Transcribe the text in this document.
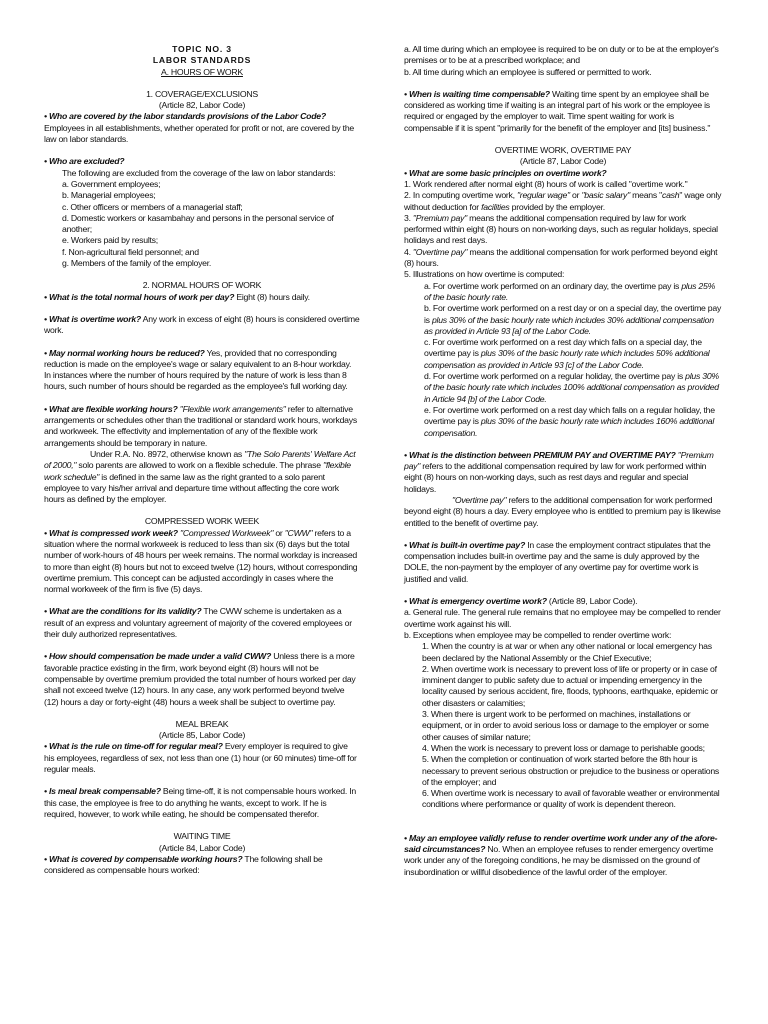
TOPIC NO. 3

LABOR STANDARDS

A. HOURS OF WORK

1. COVERAGE/EXCLUSIONS

(Article 82, Labor Code)

• Who are covered by the labor standards provisions of the Labor Code? Employees in all establishments, whether operated for profit or not, are covered by the law on labor standards.

• Who are excluded?

The following are excluded from the coverage of the law on labor standards:

a. Government employees;

b. Managerial employees;

c. Other officers or members of a managerial staff;

d. Domestic workers or kasambahay and persons in the personal service of another;

e. Workers paid by results;

f. Non-agricultural field personnel; and

g. Members of the family of the employer.

2. NORMAL HOURS OF WORK

• What is the total normal hours of work per day? Eight (8) hours daily.

• What is overtime work? Any work in excess of eight (8) hours is considered overtime work.

• May normal working hours be reduced? Yes, provided that no corresponding reduction is made on the employee's wage or salary equivalent to an 8-hour workday. In instances where the number of hours required by the nature of work is less than 8 hours, such number of hours should be regarded as the employee's full working day.

• What are flexible working hours? "Flexible work arrangements" refer to alternative arrangements or schedules other than the traditional or standard work hours, workdays and workweek. The effectivity and implementation of any of the flexible work arrangements should be temporary in nature.

Under R.A. No. 8972, otherwise known as "The Solo Parents' Welfare Act of 2000," solo parents are allowed to work on a flexible schedule. The phrase "flexible work schedule" is defined in the same law as the right granted to a solo parent employee to vary his/her arrival and departure time without affecting the core work hours as defined by the employer.

COMPRESSED WORK WEEK

• What is compressed work week? "Compressed Workweek" or "CWW" refers to a situation where the normal workweek is reduced to less than six (6) days but the total number of work-hours of 48 hours per week remains. The normal workday is increased to more than eight (8) hours but not to exceed twelve (12) hours, without corresponding overtime premium. This concept can be adjusted accordingly in cases where the normal workweek of the firm is five (5) days.

• What are the conditions for its validity? The CWW scheme is undertaken as a result of an express and voluntary agreement of majority of the covered employees or their duly authorized representatives.

• How should compensation be made under a valid CWW? Unless there is a more favorable practice existing in the firm, work beyond eight (8) hours will not be compensable by overtime premium provided the total number of hours worked per day shall not exceed twelve (12) hours. In any case, any work performed beyond twelve (12) hours a day or forty-eight (48) hours a week shall be subject to overtime pay.

MEAL BREAK

(Article 85, Labor Code)

• What is the rule on time-off for regular meal? Every employer is required to give his employees, regardless of sex, not less than one (1) hour (or 60 minutes) time-off for regular meals.

• Is meal break compensable? Being time-off, it is not compensable hours worked. In this case, the employee is free to do anything he wants, except to work. If he is required, however, to work while eating, he should be compensated therefor.

WAITING TIME

(Article 84, Labor Code)

• What is covered by compensable working hours? The following shall be considered as compensable hours worked:

a. All time during which an employee is required to be on duty or to be at the employer's premises or to be at a prescribed workplace; and

b. All time during which an employee is suffered or permitted to work.

• When is waiting time compensable? Waiting time spent by an employee shall be considered as working time if waiting is an integral part of his work or the employee is required or engaged by the employer to wait. Time spent waiting for work is compensable if it is spent "primarily for the benefit of the employer and [its] business."

OVERTIME WORK, OVERTIME PAY

(Article 87, Labor Code)

• What are some basic principles on overtime work?

1. Work rendered after normal eight (8) hours of work is called "overtime work."

2. In computing overtime work, "regular wage" or "basic salary" means "cash" wage only without deduction for facilities provided by the employer.

3. "Premium pay" means the additional compensation required by law for work performed within eight (8) hours on non-working days, such as regular holidays, special holidays and rest days.

4. "Overtime pay" means the additional compensation for work performed beyond eight (8) hours.

5. Illustrations on how overtime is computed:

a. For overtime work performed on an ordinary day, the overtime pay is plus 25% of the basic hourly rate.

b. For overtime work performed on a rest day or on a special day, the overtime pay is plus 30% of the basic hourly rate which includes 30% additional compensation as provided in Article 93 [a] of the Labor Code.

c. For overtime work performed on a rest day which falls on a special day, the overtime pay is plus 30% of the basic hourly rate which includes 50% additional compensation as provided in Article 93 [c] of the Labor Code.

d. For overtime work performed on a regular holiday, the overtime pay is plus 30% of the basic hourly rate which includes 100% additional compensation as provided in Article 94 [b] of the Labor Code.

e. For overtime work performed on a rest day which falls on a regular holiday, the overtime pay is plus 30% of the basic hourly rate which includes 160% additional compensation.

• What is the distinction between PREMIUM PAY and OVERTIME PAY? "Premium pay" refers to the additional compensation required by law for work performed within eight (8) hours on non-working days, such as rest days and regular and special holidays.

"Overtime pay" refers to the additional compensation for work performed beyond eight (8) hours a day. Every employee who is entitled to premium pay is likewise entitled to the benefit of overtime pay.

• What is built-in overtime pay? In case the employment contract stipulates that the compensation includes built-in overtime pay and the same is duly approved by the DOLE, the non-payment by the employer of any overtime pay for overtime work is justified and valid.

• What is emergency overtime work? (Article 89, Labor Code).

a. General rule. The general rule remains that no employee may be compelled to render overtime work against his will.

b. Exceptions when employee may be compelled to render overtime work:

1. When the country is at war or when any other national or local emergency has been declared by the National Assembly or the Chief Executive;

2. When overtime work is necessary to prevent loss of life or property or in case of imminent danger to public safety due to actual or impending emergency in the locality caused by serious accident, fire, floods, typhoons, earthquake, epidemic or other disasters or calamities;

3. When there is urgent work to be performed on machines, installations or equipment, or in order to avoid serious loss or damage to the employer or some other causes of similar nature;

4. When the work is necessary to prevent loss or damage to perishable goods;

5. When the completion or continuation of work started before the 8th hour is necessary to prevent serious obstruction or prejudice to the business or operations of the employer; and

6. When overtime work is necessary to avail of favorable weather or environmental conditions where performance or quality of work is dependent thereon.

• May an employee validly refuse to render overtime work under any of the afore-said circumstances? No. When an employee refuses to render emergency overtime work under any of the foregoing conditions, he may be dismissed on the ground of insubordination or willful disobedience of the lawful order of the employer.
